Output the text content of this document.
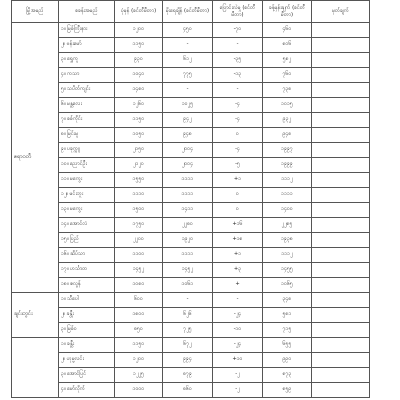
မြို့အမည်	စခန်းအမည်	ပုံမှန် (စင်တီမီတာ)	မိုးရေချိန် (စင်တီမီတာ)	ပြောင်းလဲမှု (စင်တီမီတာ)	ခန့်မှန်းချက် (စင်တီမီတာ)	မှတ်ချက်
ဧရာဝတီ	၁။ မြစ်ကြီးနား	၁၂၀၀	၄၅၀	-၇၀	၄၆၀	
	၂။ ဗန်းမော်	၁၁၅၀	-	-	၈၀၆	
	၃။ ရွှေကူ	၉၃၀	၆၁၂	-၃၅	၅၈၂	
	၄။ ကသာ	၁၀၄၀	၇၇၅	-၁၃	၇၆၀	
	၅။ သပိတ်ကျင်း	၁၄၈၀	-	-	၇၃၈	
	၆။ မန္တလေး	၁၂၆၀	၁၀၂၅	-၄	၁၀၁၅	
	၇။ စစ်ကိုင်း	၁၁၅၀	၉၄၂	-၄	၉၃၂	
	၈။ မြင်းမူ	၁၀၅၀	၉၄၈	၀	၉၄၈	
	၉။ ပခုက္ကူ	၂၁၅၀	၂၀၀၄	-၄	၁၉၉၇	
	၁၀။ ညောင်ဦး	၂၁၂၀	၂၀၀၄	-၅	၁၉၉၉	
	၁၁။ မကွေး	၁၅၅၀	၁၁၁၁	+၁	၁၁၁၂	
	၁၂။ မင်းဘူး	၁၁၁၀	၁၁၁၁	၀	၁၁၁၁	
	၁၃။ မကွေး	၁၅၀၀	၁၄၁၁	၀	၁၄၀၀	
	၁၄။ အောင်လံ	၁၇၅၀	၂၂၈၀	+၁၆	၂၂၈၅	
	၁၅။ ပြည်	၂၂၀၀	၁၉၂၀	+၁၈	၁၉၃၈	
	၁၆။ ဆိပ်သာ	၁၁၀၀	၁၁၁၁	+၁	၁၁၁၂	
	၁၇။ ဟင်္သာတ	၁၄၅၂	၁၄၅၂	+၃	၁၄၅၅	
	၁၈။ ဇလွန်	၁၀၈၀	၁၀၆၁	+	၁၀၆၅	
ချင်းတွင်း	၁။ သီပေါ	၆၀၀	-	-	၃၄၈	
	၂။ ခန္တီး	၁၈၀၀	၆၂၆	-၂၄	၅၈၁	
	၃။ မြစ်ဝ	၈၅၀	၇၂၅	-၁၀	၇၁၅	
	၁။ ခန္တီး	၁၁၅၀	၆၇၂	-၂၄	၆၅၅	
	၂။ ဟုမ္မလင်း	၁၂၀၀	၉၉၄	+၁၀	၉၉၀	
	၃။ အောင်ပြင်	၁၂၂၅	၈၇၉	-၂	၈၇၃	
	၄။ မော်လိုက်	၁၀၀၀	၈၆၀	-၂	၈၅၉	
